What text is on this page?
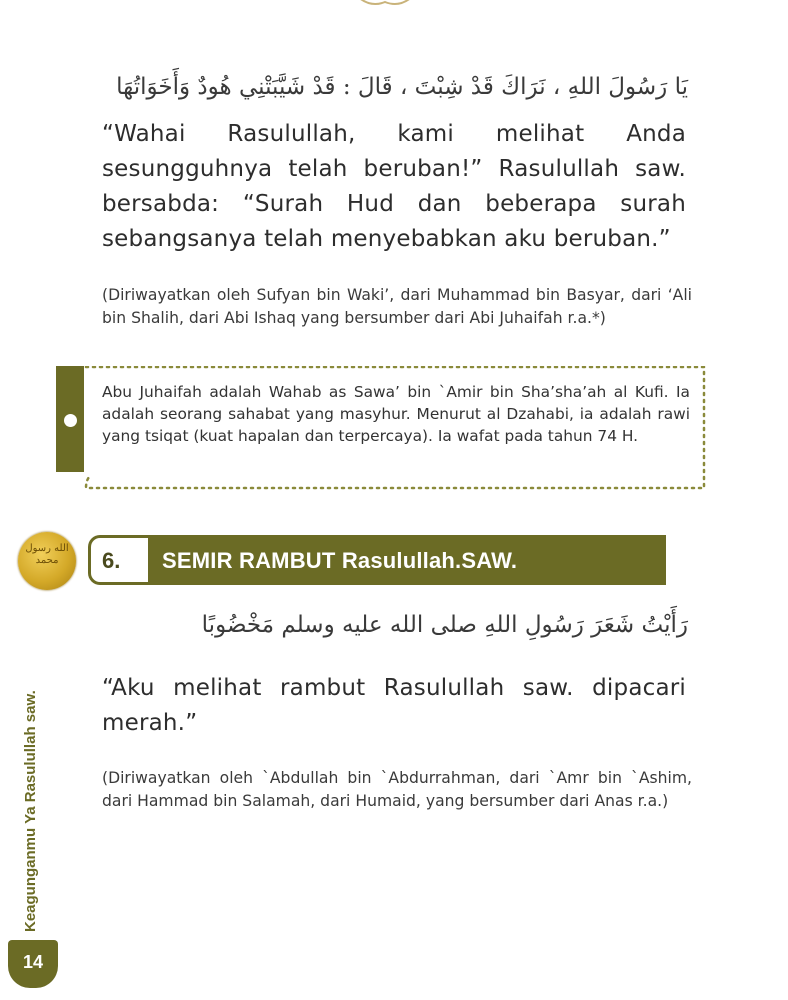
يَا رَسُولَ اللهِ ، نَرَاكَ قَدْ شِبْتَ ، قَالَ : قَدْ شَيَّبَتْنِي هُودٌ وَأَخَوَاتُهَا
“Wahai Rasulullah, kami melihat Anda sesungguhnya telah beruban!” Rasulullah saw. bersabda: “Surah Hud dan beberapa surah sebangsanya telah menyebabkan aku beruban.”
(Diriwayatkan oleh Sufyan bin Waki’, dari Muhammad bin Basyar, dari ‘Ali bin Shalih, dari Abi Ishaq yang bersumber dari Abi Juhaifah r.a.*)
Abu Juhaifah adalah Wahab as Sawa’ bin `Amir bin Sha’sha’ah al Kufi. Ia adalah seorang sahabat yang masyhur. Menurut al Dzahabi, ia adalah rawi yang tsiqat (kuat hapalan dan terpercaya). Ia wafat pada tahun 74 H.
الله رسول محمد	6. SEMIR RAMBUT Rasulullah.SAW.
رَأَيْتُ شَعَرَ رَسُولِ اللهِ صلى الله عليه وسلم مَخْضُوبًا
“Aku melihat rambut Rasulullah saw. dipacari merah.”
(Diriwayatkan oleh `Abdullah bin `Abdurrahman, dari `Amr bin `Ashim, dari Hammad bin Salamah, dari Humaid, yang bersumber dari Anas r.a.)
Keagunganmu Ya Rasulullah saw.
14
